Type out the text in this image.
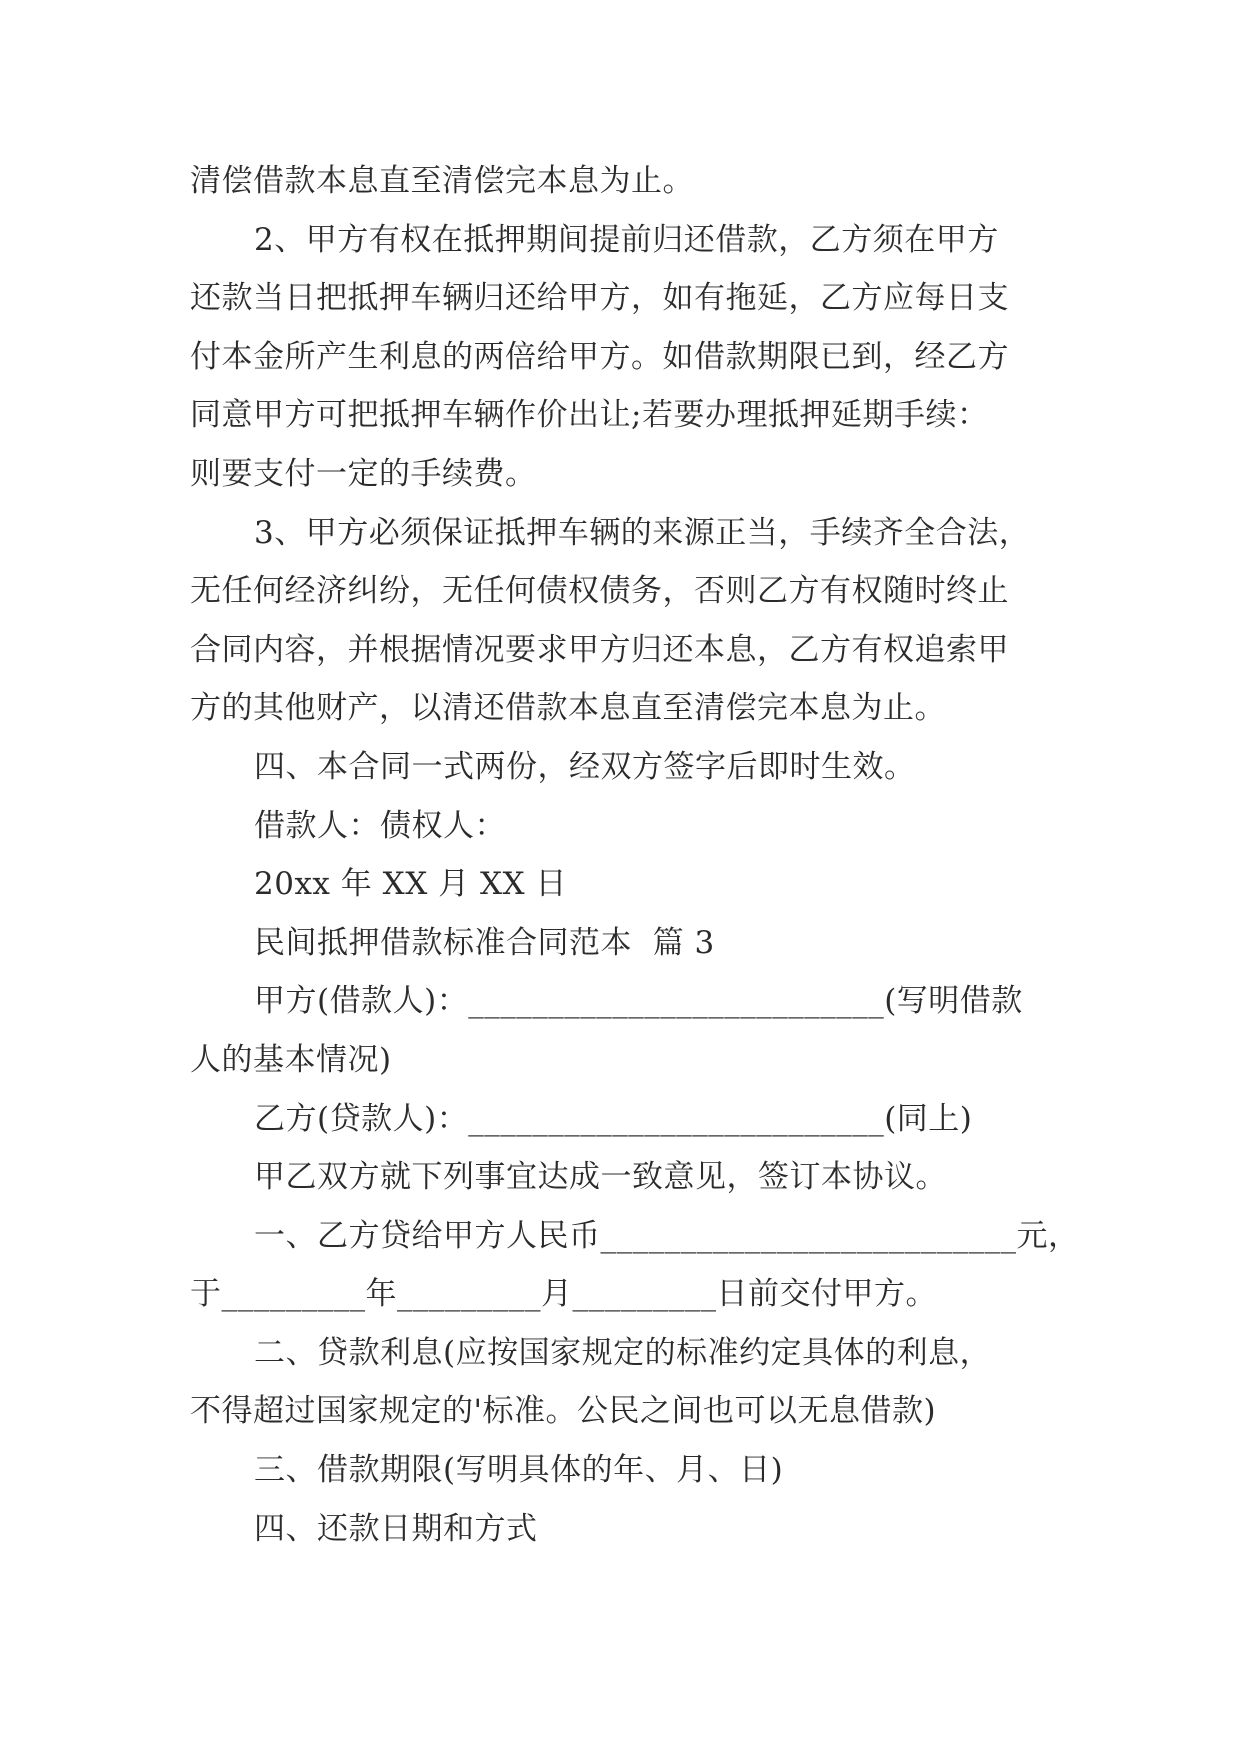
清偿借款本息直至清偿完本息为止。
2、甲方有权在抵押期间提前归还借款，乙方须在甲方
还款当日把抵押车辆归还给甲方，如有拖延，乙方应每日支
付本金所产生利息的两倍给甲方。如借款期限已到，经乙方
同意甲方可把抵押车辆作价出让;若要办理抵押延期手续：
则要支付一定的手续费。
3、甲方必须保证抵押车辆的来源正当，手续齐全合法，
无任何经济纠纷，无任何债权债务，否则乙方有权随时终止
合同内容，并根据情况要求甲方归还本息，乙方有权追索甲
方的其他财产，以清还借款本息直至清偿完本息为止。
四、本合同一式两份，经双方签字后即时生效。
借款人：债权人：
20xx 年 XX 月 XX 日
民间抵押借款标准合同范本  篇 3
甲方(借款人)：__________________________(写明借款
人的基本情况)
乙方(贷款人)：__________________________(同上)
甲乙双方就下列事宜达成一致意见，签订本协议。
一、乙方贷给甲方人民币__________________________元，
于_________年_________月_________日前交付甲方。
二、贷款利息(应按国家规定的标准约定具体的利息，
不得超过国家规定的'标准。公民之间也可以无息借款)
三、借款期限(写明具体的年、月、日)
四、还款日期和方式
